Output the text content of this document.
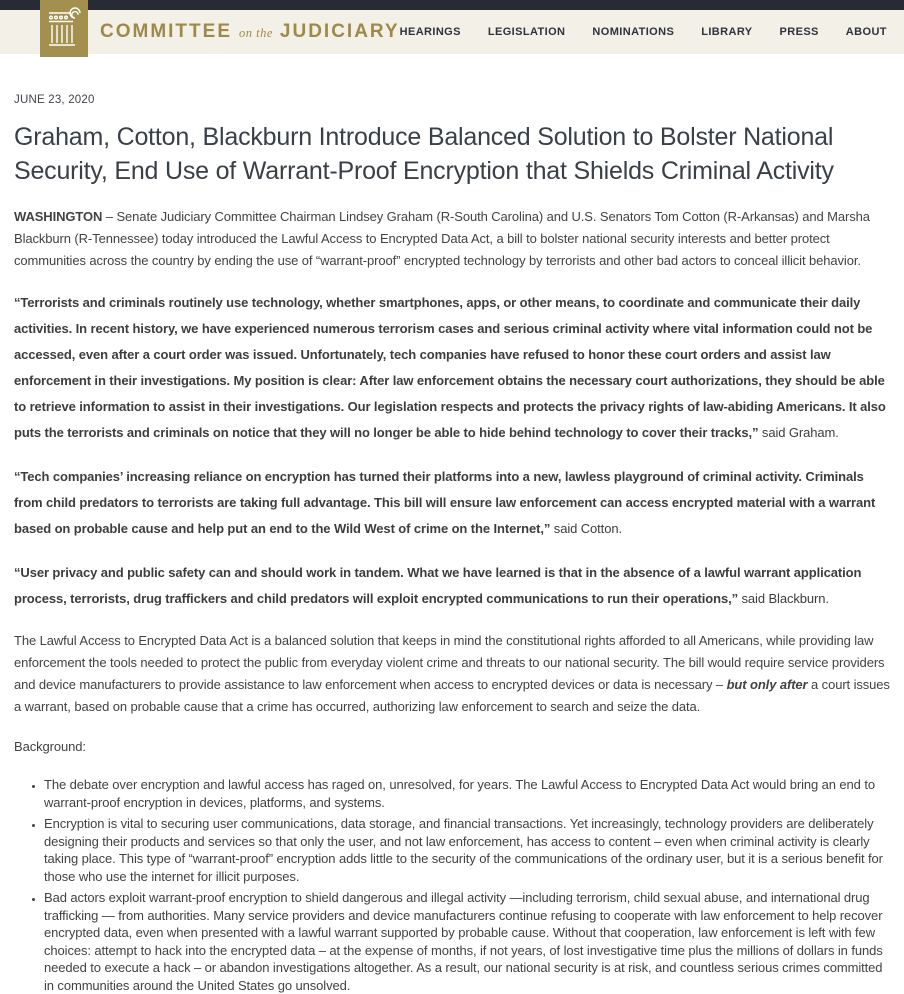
COMMITTEE on the JUDICIARY HEARINGS LEGISLATION NOMINATIONS LIBRARY PRESS ABOUT
JUNE 23, 2020
Graham, Cotton, Blackburn Introduce Balanced Solution to Bolster National Security, End Use of Warrant-Proof Encryption that Shields Criminal Activity

WASHINGTON – Senate Judiciary Committee Chairman Lindsey Graham (R-South Carolina) and U.S. Senators Tom Cotton (R-Arkansas) and Marsha Blackburn (R-Tennessee) today introduced the Lawful Access to Encrypted Data Act, a bill to bolster national security interests and better protect communities across the country by ending the use of “warrant-proof” encrypted technology by terrorists and other bad actors to conceal illicit behavior.

“Terrorists and criminals routinely use technology, whether smartphones, apps, or other means, to coordinate and communicate their daily activities. In recent history, we have experienced numerous terrorism cases and serious criminal activity where vital information could not be accessed, even after a court order was issued. Unfortunately, tech companies have refused to honor these court orders and assist law enforcement in their investigations. My position is clear: After law enforcement obtains the necessary court authorizations, they should be able to retrieve information to assist in their investigations. Our legislation respects and protects the privacy rights of law-abiding Americans. It also puts the terrorists and criminals on notice that they will no longer be able to hide behind technology to cover their tracks,” said Graham.

“Tech companies’ increasing reliance on encryption has turned their platforms into a new, lawless playground of criminal activity. Criminals from child predators to terrorists are taking full advantage. This bill will ensure law enforcement can access encrypted material with a warrant based on probable cause and help put an end to the Wild West of crime on the Internet,” said Cotton.

“User privacy and public safety can and should work in tandem. What we have learned is that in the absence of a lawful warrant application process, terrorists, drug traffickers and child predators will exploit encrypted communications to run their operations,” said Blackburn.

The Lawful Access to Encrypted Data Act is a balanced solution that keeps in mind the constitutional rights afforded to all Americans, while providing law enforcement the tools needed to protect the public from everyday violent crime and threats to our national security. The bill would require service providers and device manufacturers to provide assistance to law enforcement when access to encrypted devices or data is necessary – but only after a court issues a warrant, based on probable cause that a crime has occurred, authorizing law enforcement to search and seize the data.

Background:

• The debate over encryption and lawful access has raged on, unresolved, for years. The Lawful Access to Encrypted Data Act would bring an end to warrant-proof encryption in devices, platforms, and systems.
• Encryption is vital to securing user communications, data storage, and financial transactions. Yet increasingly, technology providers are deliberately designing their products and services so that only the user, and not law enforcement, has access to content – even when criminal activity is clearly taking place. This type of “warrant-proof” encryption adds little to the security of the communications of the ordinary user, but it is a serious benefit for those who use the internet for illicit purposes.
• Bad actors exploit warrant-proof encryption to shield dangerous and illegal activity —including terrorism, child sexual abuse, and international drug trafficking — from authorities. Many service providers and device manufacturers continue refusing to cooperate with law enforcement to help recover encrypted data, even when presented with a lawful warrant supported by probable cause. Without that cooperation, law enforcement is left with few choices: attempt to hack into the encrypted data – at the expense of months, if not years, of lost investigative time plus the millions of dollars in funds needed to execute a hack – or abandon investigations altogether. As a result, our national security is at risk, and countless serious crimes committed in communities around the United States go unsolved.
